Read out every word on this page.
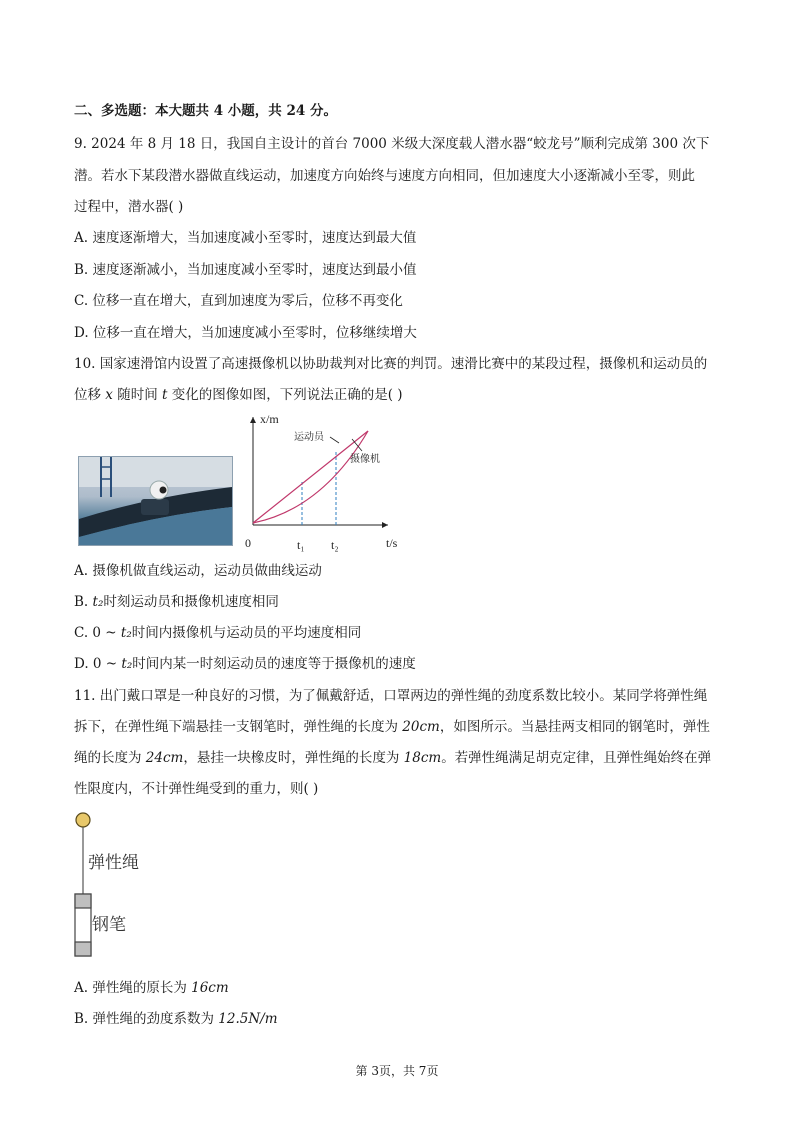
二、多选题：本大题共 4 小题，共 24 分。
9. 2024 年 8 月 18 日，我国自主设计的首台 7000 米级大深度载人潜水器“蛟龙号”顺利完成第 300 次下
潜。若水下某段潜水器做直线运动，加速度方向始终与速度方向相同，但加速度大小逐渐减小至零，则此
过程中，潜水器( )
A. 速度逐渐增大，当加速度减小至零时，速度达到最大值
B. 速度逐渐减小，当加速度减小至零时，速度达到最小值
C. 位移一直在增大，直到加速度为零后，位移不再变化
D. 位移一直在增大，当加速度减小至零时，位移继续增大
10. 国家速滑馆内设置了高速摄像机以协助裁判对比赛的判罚。速滑比赛中的某段过程，摄像机和运动员的
位移 x 随时间 t 变化的图像如图，下列说法正确的是( )
x/m
t/s
0	t₁ t₂
运动员
摄像机
A. 摄像机做直线运动，运动员做曲线运动
B. t₂时刻运动员和摄像机速度相同
C. 0 ~ t₂时间内摄像机与运动员的平均速度相同
D. 0 ~ t₂时间内某一时刻运动员的速度等于摄像机的速度
11. 出门戴口罩是一种良好的习惯，为了佩戴舒适，口罩两边的弹性绳的劲度系数比较小。某同学将弹性绳
拆下，在弹性绳下端悬挂一支钢笔时，弹性绳的长度为 20cm，如图所示。当悬挂两支相同的钢笔时，弹性
绳的长度为 24cm，悬挂一块橡皮时，弹性绳的长度为 18cm。若弹性绳满足胡克定律，且弹性绳始终在弹
性限度内，不计弹性绳受到的重力，则( )
弹性绳
钢笔
A. 弹性绳的原长为 16cm
B. 弹性绳的劲度系数为 12.5N/m
第 3页，共 7页
